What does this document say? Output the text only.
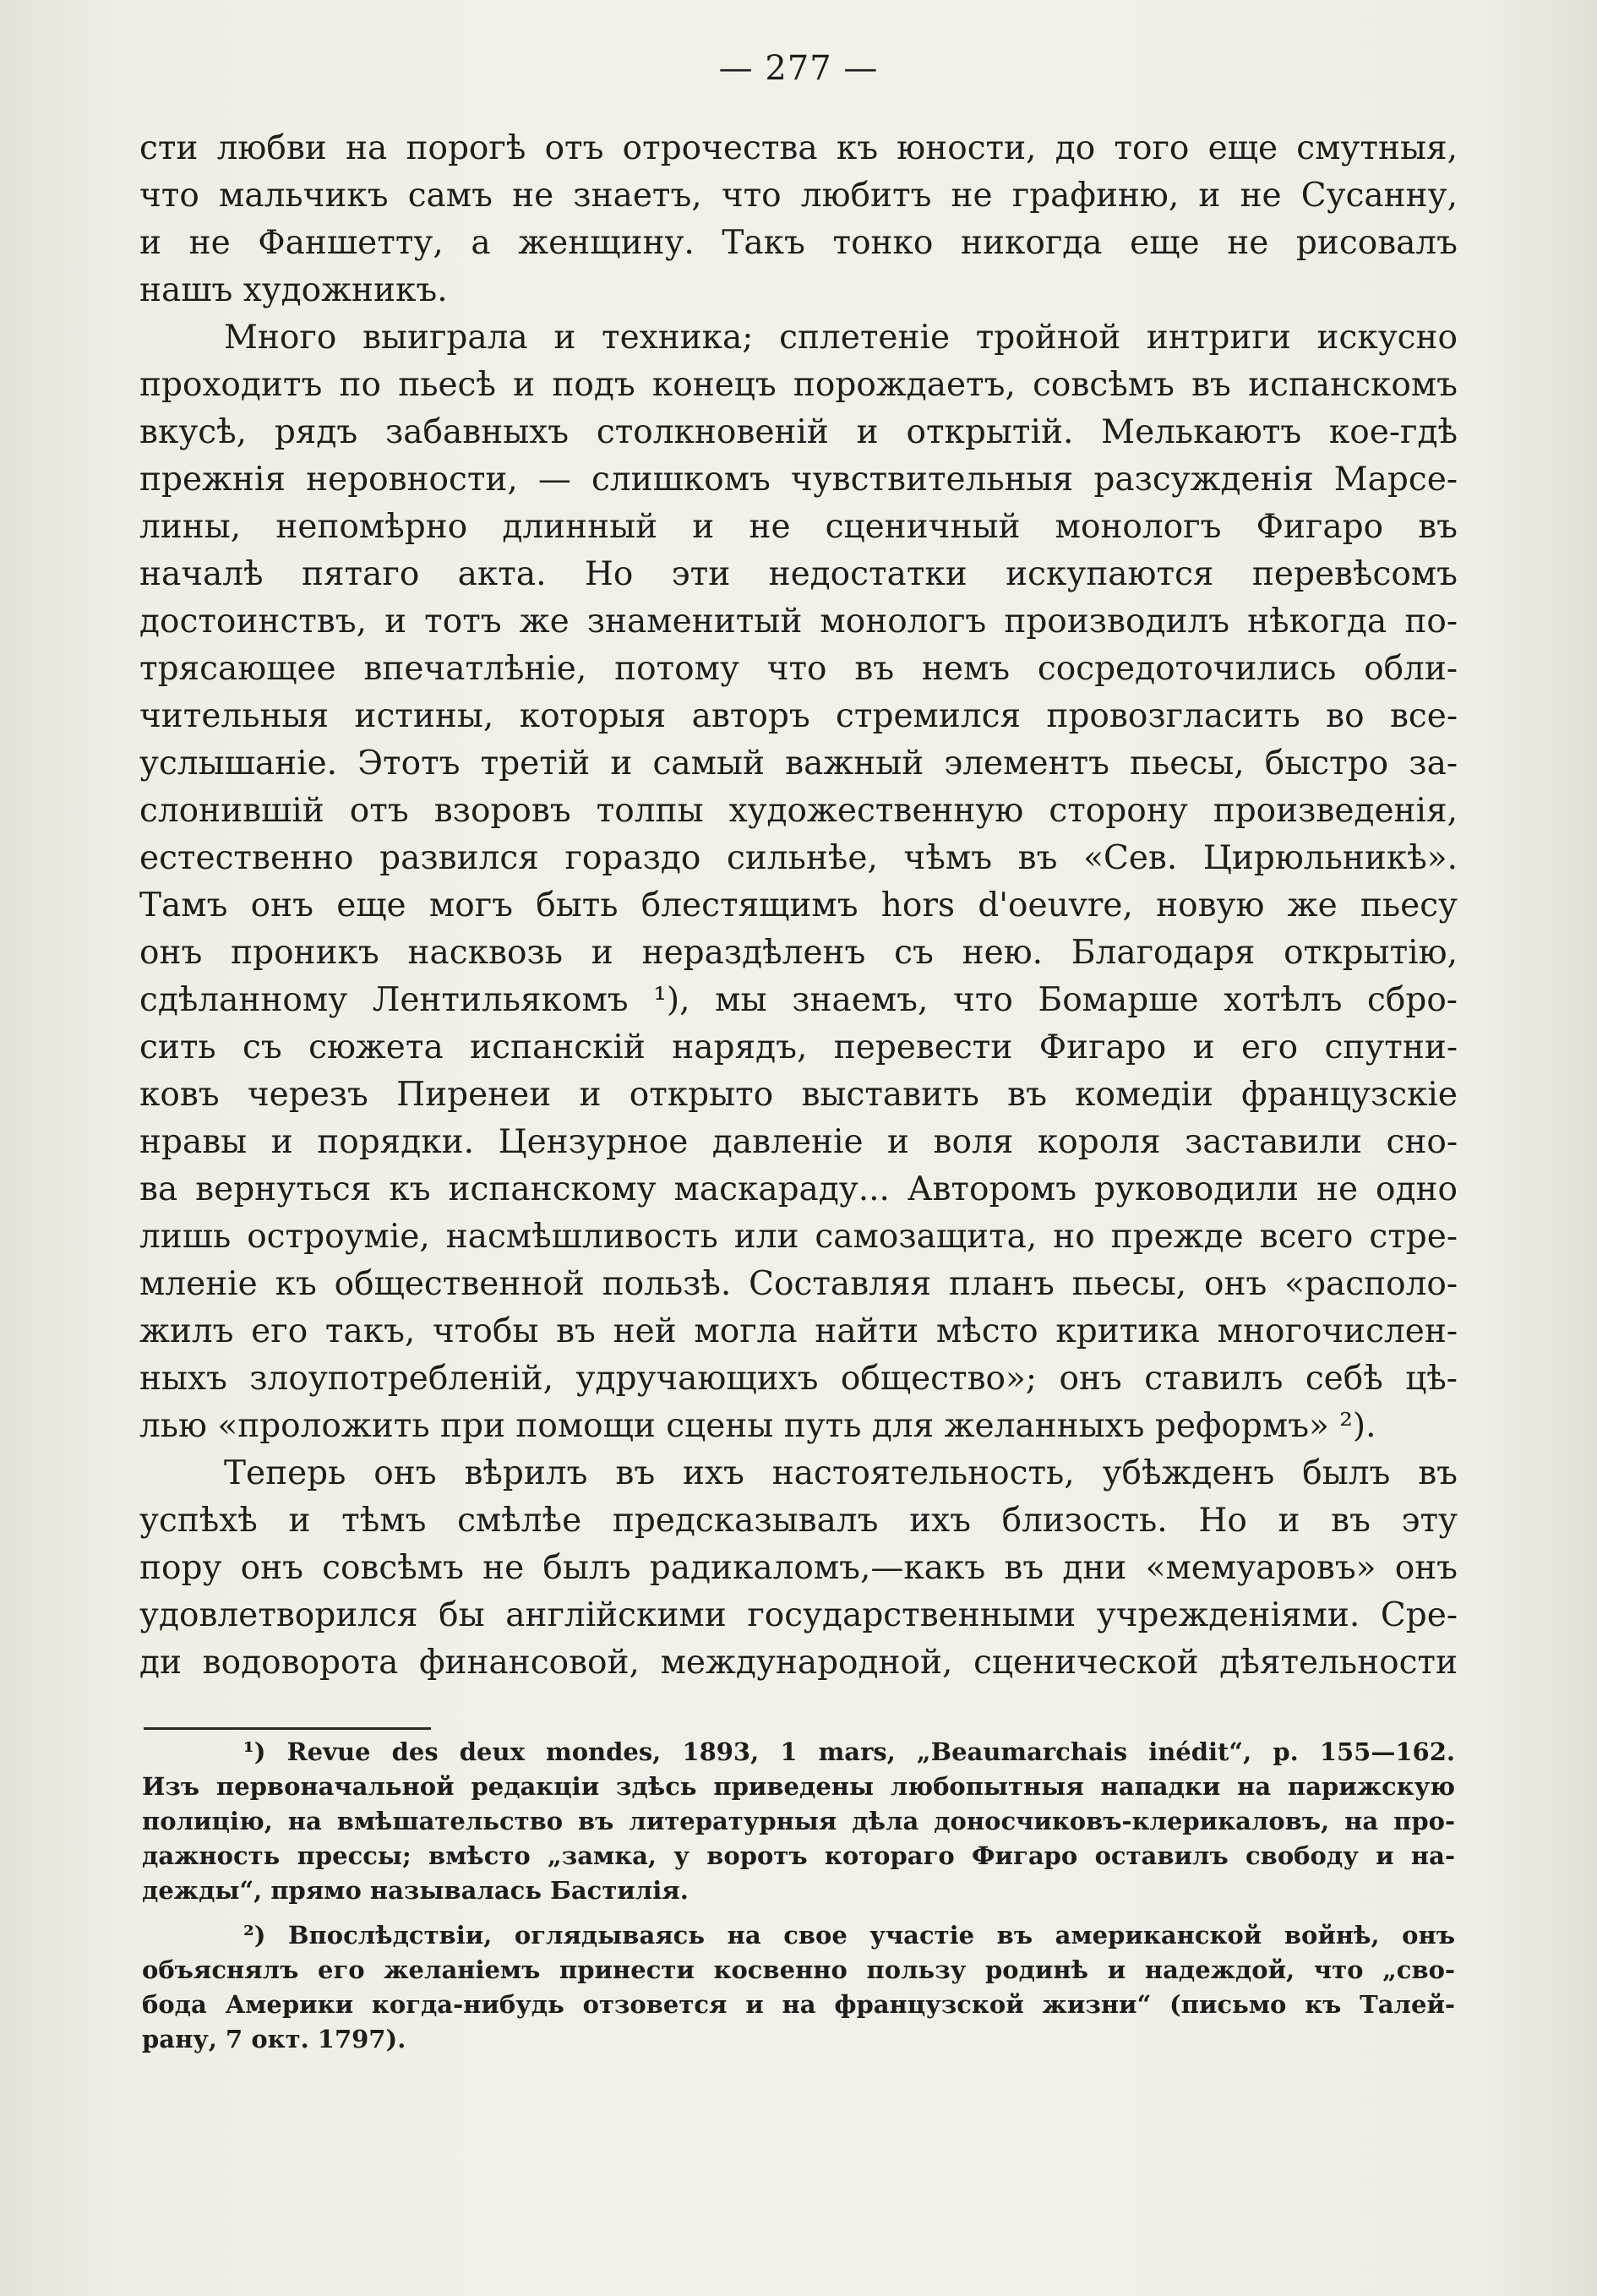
— 277 —
сти любви на порогѣ отъ отрочества къ юности, до того еще смутныя,
что мальчикъ самъ не знаетъ, что любитъ не графиню, и не Сусанну,
и не Фаншетту, а женщину. Такъ тонко никогда еще не рисовалъ
нашъ художникъ.
Много выиграла и техника; сплетеніе тройной интриги искусно
проходитъ по пьесѣ и подъ конецъ порождаетъ, совсѣмъ въ испанскомъ
вкусѣ, рядъ забавныхъ столкновеній и открытій. Мелькаютъ кое-гдѣ
прежнія неровности, — слишкомъ чувствительныя разсужденія Марсе-
лины, непомѣрно длинный и не сценичный монологъ Фигаро въ
началѣ пятаго акта. Но эти недостатки искупаются перевѣсомъ
достоинствъ, и тотъ же знаменитый монологъ производилъ нѣкогда по-
трясающее впечатлѣніе, потому что въ немъ сосредоточились обли-
чительныя истины, которыя авторъ стремился провозгласить во все-
услышаніе. Этотъ третій и самый важный элементъ пьесы, быстро за-
слонившій отъ взоровъ толпы художественную сторону произведенія,
естественно развился гораздо сильнѣе, чѣмъ въ «Сев. Цирюльникѣ».
Тамъ онъ еще могъ быть блестящимъ hors d'oeuvre, новую же пьесу
онъ проникъ насквозь и нераздѣленъ съ нею. Благодаря открытію,
сдѣланному Лентильякомъ ¹), мы знаемъ, что Бомарше хотѣлъ сбро-
сить съ сюжета испанскій нарядъ, перевести Фигаро и его спутни-
ковъ черезъ Пиренеи и открыто выставить въ комедіи французскіе
нравы и порядки. Цензурное давленіе и воля короля заставили сно-
ва вернуться къ испанскому маскараду... Авторомъ руководили не одно
лишь остроуміе, насмѣшливость или самозащита, но прежде всего стре-
мленіе къ общественной пользѣ. Составляя планъ пьесы, онъ «располо-
жилъ его такъ, чтобы въ ней могла найти мѣсто критика многочислен-
ныхъ злоупотребленій, удручающихъ общество»; онъ ставилъ себѣ цѣ-
лью «проложить при помощи сцены путь для желанныхъ реформъ» ²).
Теперь онъ вѣрилъ въ ихъ настоятельность, убѣжденъ былъ въ
успѣхѣ и тѣмъ смѣлѣе предсказывалъ ихъ близость. Но и въ эту
пору онъ совсѣмъ не былъ радикаломъ,—какъ въ дни «мемуаровъ» онъ
удовлетворился бы англійскими государственными учрежденіями. Сре-
ди водоворота финансовой, международной, сценической дѣятельности
¹) Revue des deux mondes, 1893, 1 mars, „Beaumarchais inédit“, p. 155—162.
Изъ первоначальной редакціи здѣсь приведены любопытныя нападки на парижскую
полицію, на вмѣшательство въ литературныя дѣла доносчиковъ-клерикаловъ, на про-
дажность прессы; вмѣсто „замка, у воротъ котораго Фигаро оставилъ свободу и на-
дежды“, прямо называлась Бастилія.
²) Впослѣдствіи, оглядываясь на свое участіе въ американской войнѣ, онъ
объяснялъ его желаніемъ принести косвенно пользу родинѣ и надеждой, что „сво-
бода Америки когда-нибудь отзовется и на французской жизни“ (письмо къ Талей-
рану, 7 окт. 1797).
